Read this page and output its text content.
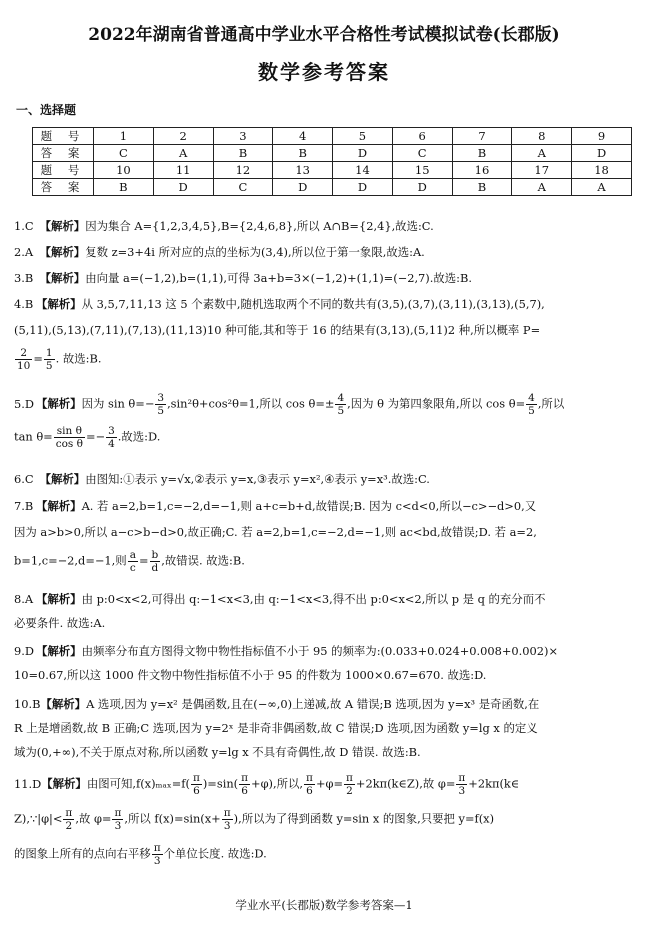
2022年湖南省普通高中学业水平合格性考试模拟试卷(长郡版)
数学参考答案
一、选择题
题 号	1	2	3	4	5	6	7	8	9
答 案	C	A	B	B	D	C	B	A	D
题 号	10	11	12	13	14	15	16	17	18
答 案	B	D	C	D	D	D	B	A	A
1.C 【解析】因为集合 A={1,2,3,4,5},B={2,4,6,8},所以 A∩B={2,4},故选:C.
2.A 【解析】复数 z=3+4i 所对应的点的坐标为(3,4),所以位于第一象限,故选:A.
3.B 【解析】由向量 a=(−1,2),b=(1,1),可得 3a+b=3×(−1,2)+(1,1)=(−2,7).故选:B.
4.B 【解析】从 3,5,7,11,13 这 5 个素数中,随机选取两个不同的数共有(3,5),(3,7),(3,11),(3,13),(5,7),
(5,11),(5,13),(7,11),(7,13),(11,13)10 种可能,其和等于 16 的结果有(3,13),(5,11)2 种,所以概率 P=
$\frac{2}{10} = \frac{1}{5}$ . 故选:B.
5.D 【解析】因为 $\sin \theta=- \frac{3}{5} ,\sin^2\theta+\cos^2\theta=1$,所以 $\cos \theta=\pm \frac{4}{5}$ ,因为 θ 为第四象限角,所以 $\cos \theta= \frac{4}{5}$ ,所以
$\tan \theta= \frac{\text{sin θ}}{\text{cos θ}} =- \frac{3}{4}$ .故选:D.
6.C 【解析】由图知:①表示 y=√x,②表示 y=x,③表示 y=x²,④表示 y=x³.故选:C.
7.B 【解析】A. 若 a=2,b=1,c=−2,d=−1,则 a+c=b+d,故错误;B. 因为 c<d<0,所以−c>−d>0,又
因为 a>b>0,所以 a−c>b−d>0,故正确;C. 若 a=2,b=1,c=−2,d=−1,则 ac<bd,故错误;D. 若 a=2,
b=1,c=−2,d=−1,则 $\frac{a}{c} = \frac{b}{d}$ ,故错误. 故选:B.
8.A 【解析】由 p:0<x<2,可得出 q:−1<x<3,由 q:−1<x<3,得不出 p:0<x<2,所以 p 是 q 的充分而不
必要条件. 故选:A.
9.D 【解析】由频率分布直方图得文物中物性指标值不小于 95 的频率为:(0.033+0.024+0.008+0.002)×
10=0.67,所以这 1000 件文物中物性指标值不小于 95 的件数为 1000×0.67=670. 故选:D.
10.B【解析】A 选项,因为 y=x² 是偶函数,且在(−∞,0)上递减,故 A 错误;B 选项,因为 y=x³ 是奇函数,在
R 上是增函数,故 B 正确;C 选项,因为 y=2ˣ 是非奇非偶函数,故 C 错误;D 选项,因为函数 y=lg x 的定义
域为(0,+∞),不关于原点对称,所以函数 y=lg x 不具有奇偶性,故 D 错误. 故选:B.
11.D【解析】由图可知$,f(x)_{max}=f( \frac{\pi}{6} )=\sin( \frac{\pi}{6} +\varphi)$,所以, $\frac{\pi}{6} +\varphi= \frac{\pi}{2}$ +2kπ(k∈Z),故 $\varphi= \frac{\pi}{3}$ +2kπ(k∈
Z),∵|φ|< $\frac{\pi}{2}$ ,故 $\varphi= \frac{\pi}{3}$ ,所以 $f(x)=\sin(x+ \frac{\pi}{3}$ ),所以为了得到函数 y=sin x 的图象,只要把 y=f(x)
的图象上所有的点向右平移 $\frac{\pi}{3}$ 个单位长度. 故选:D.
学业水平(长郡版)数学参考答案—1
